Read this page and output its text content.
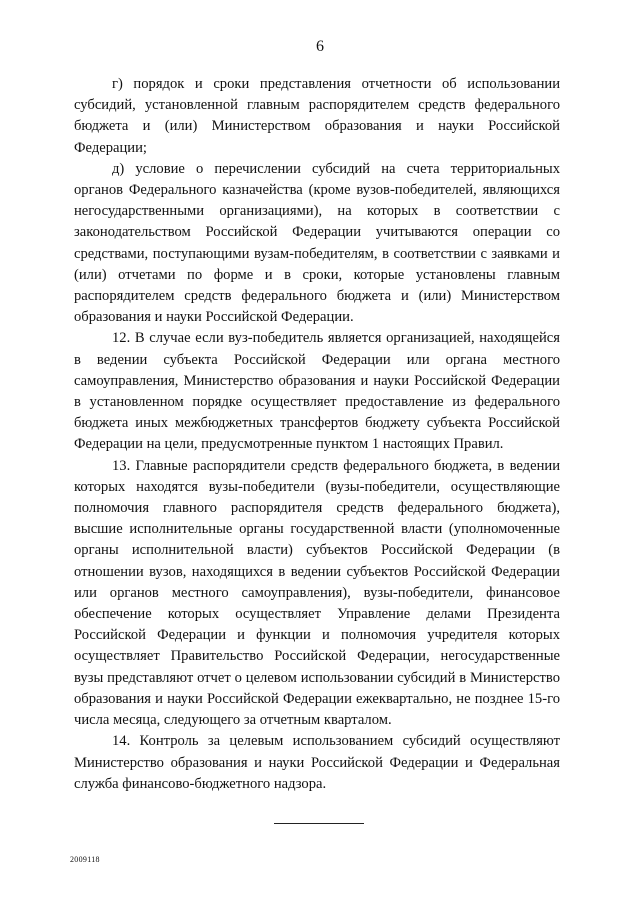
6

г) порядок и сроки представления отчетности об использовании субсидий, установленной главным распорядителем средств федерального бюджета и (или) Министерством образования и науки Российской Федерации;

д) условие о перечислении субсидий на счета территориальных органов Федерального казначейства (кроме вузов-победителей, являющихся негосударственными организациями), на которых в соответствии с законодательством Российской Федерации учитываются операции со средствами, поступающими вузам-победителям, в соответствии с заявками и (или) отчетами по форме и в сроки, которые установлены главным распорядителем средств федерального бюджета и (или) Министерством образования и науки Российской Федерации.

12. В случае если вуз-победитель является организацией, находящейся в ведении субъекта Российской Федерации или органа местного самоуправления, Министерство образования и науки Российской Федерации в установленном порядке осуществляет предоставление из федерального бюджета иных межбюджетных трансфертов бюджету субъекта Российской Федерации на цели, предусмотренные пунктом 1 настоящих Правил.

13. Главные распорядители средств федерального бюджета, в ведении которых находятся вузы-победители (вузы-победители, осуществляющие полномочия главного распорядителя средств федерального бюджета), высшие исполнительные органы государственной власти (уполномоченные органы исполнительной власти) субъектов Российской Федерации (в отношении вузов, находящихся в ведении субъектов Российской Федерации или органов местного самоуправления), вузы-победители, финансовое обеспечение которых осуществляет Управление делами Президента Российской Федерации и функции и полномочия учредителя которых осуществляет Правительство Российской Федерации, негосударственные вузы представляют отчет о целевом использовании субсидий в Министерство образования и науки Российской Федерации ежеквартально, не позднее 15-го числа месяца, следующего за отчетным кварталом.

14. Контроль за целевым использованием субсидий осуществляют Министерство образования и науки Российской Федерации и Федеральная служба финансово-бюджетного надзора.

2009118
